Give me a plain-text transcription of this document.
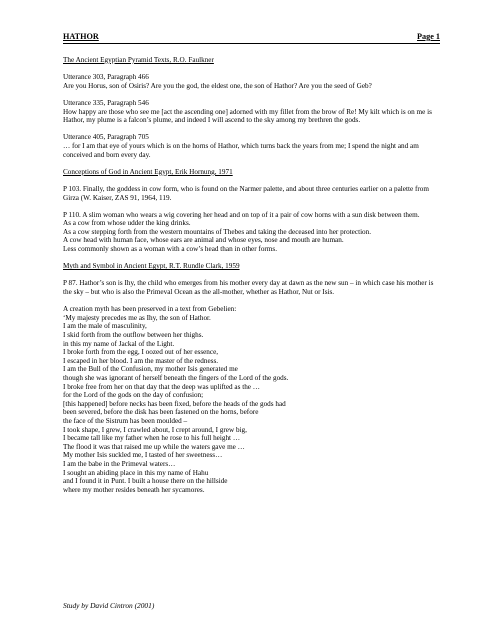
HATHOR	Page 1

The Ancient Egyptian Pyramid Texts, R.O. Faulkner

Utterance 303, Paragraph 466
Are you Horus, son of Osiris? Are you the god, the eldest one, the son of Hathor? Are you the seed of Geb?

Utterance 335, Paragraph 546
How happy are those who see me [act the ascending one] adorned with my fillet from the brow of Re! My kilt which is on me is Hathor, my plume is a falcon’s plume, and indeed I will ascend to the sky among my brethren the gods.

Utterance 405, Paragraph 705
… for I am that eye of yours which is on the horns of Hathor, which turns back the years from me; I spend the night and am conceived and born every day.

Conceptions of God in Ancient Egypt, Erik Hornung, 1971

P 103. Finally, the goddess in cow form, who is found on the Narmer palette, and about three centuries earlier on a palette from Girza (W. Kaiser, ZAS 91, 1964, 119.

P 110. A slim woman who wears a wig covering her head and on top of it a pair of cow horns with a sun disk between them.
As a cow from whose udder the king drinks.
As a cow stepping forth from the western mountains of Thebes and taking the deceased into her protection.
A cow head with human face, whose ears are animal and whose eyes, nose and mouth are human.
Less commonly shown as a woman with a cow’s head than in other forms.

Myth and Symbol in Ancient Egypt, R.T. Rundle Clark, 1959

P 87. Hathor’s son is Ihy, the child who emerges from his mother every day at dawn as the new sun – in which case his mother is the sky – but who is also the Primeval Ocean as the all-mother, whether as Hathor, Nut or Isis.

A creation myth has been preserved in a text from Gebelien:
‘My majesty precedes me as Ihy, the son of Hathor.
I am the male of masculinity,
I skid forth from the outflow between her thighs.
in this my name of Jackal of the Light.
I broke forth from the egg, I oozed out of her essence,
I escaped in her blood. I am the master of the redness.
I am the Bull of the Confusion, my mother Isis generated me
though she was ignorant of herself beneath the fingers of the Lord of the gods.
I broke free from her on that day that the deep was uplifted as the …
for the Lord of the gods on the day of confusion;
[this happened] before necks has been fixed, before the heads of the gods had
been severed, before the disk has been fastened on the horns, before
the face of the Sistrum has been moulded –
I took shape, I grew, I crawled about, I crept around, I grew big,
I became tall like my father when he rose to his full height …
The flood it was that raised me up while the waters gave me …
My mother Isis suckled me, I tasted of her sweetness…
I am the babe in the Primeval waters…
I sought an abiding place in this my name of Hahu
and I found it in Punt. I built a house there on the hillside
where my mother resides beneath her sycamores.

Study by David Cintron (2001)
